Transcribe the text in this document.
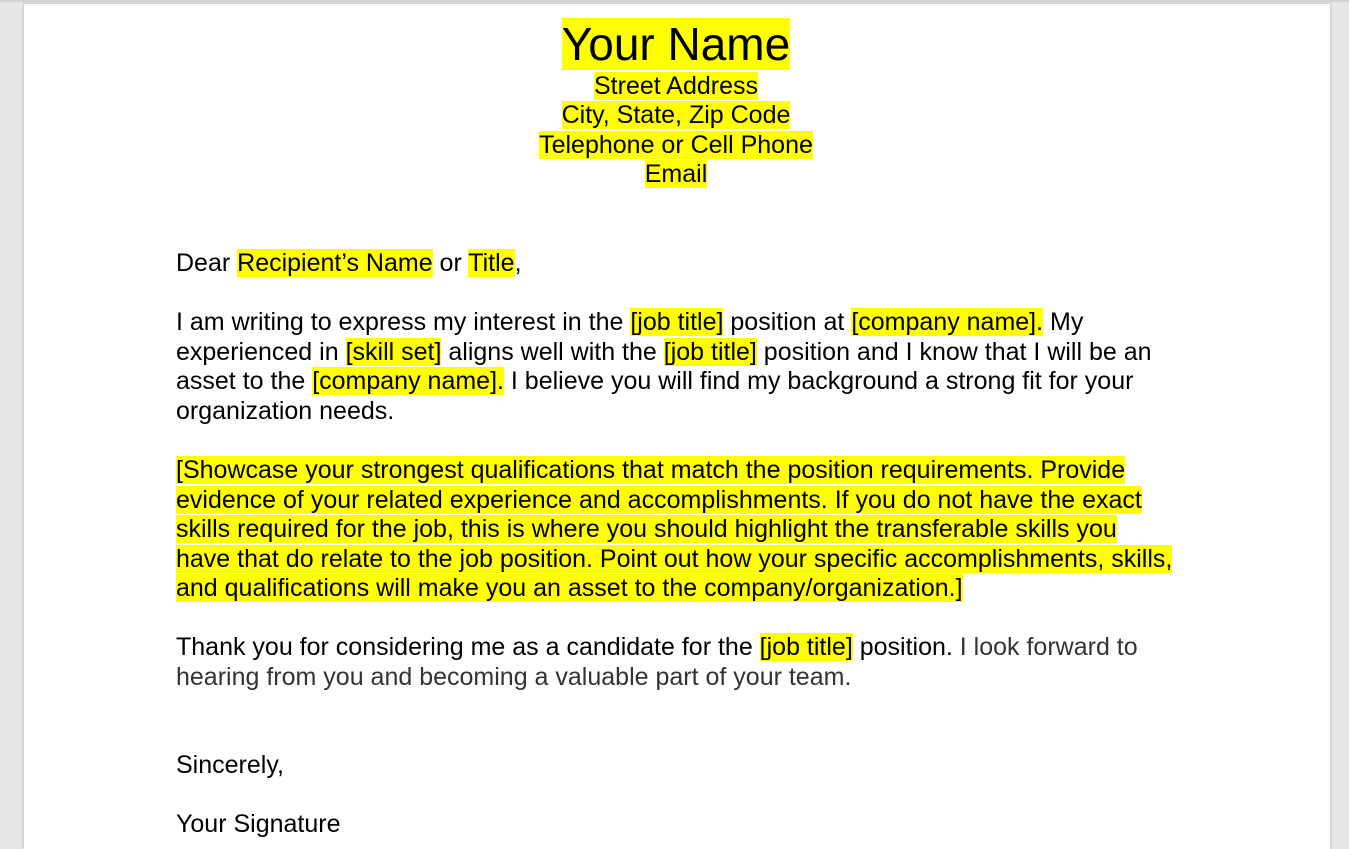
Your Name
Street Address
City, State, Zip Code
Telephone or Cell Phone
Email

Dear Recipient’s Name or Title,

I am writing to express my interest in the [job title] position at [company name]. My experienced in [skill set] aligns well with the [job title] position and I know that I will be an asset to the [company name]. I believe you will find my background a strong fit for your organization needs.

[Showcase your strongest qualifications that match the position requirements. Provide evidence of your related experience and accomplishments. If you do not have the exact skills required for the job, this is where you should highlight the transferable skills you have that do relate to the job position. Point out how your specific accomplishments, skills, and qualifications will make you an asset to the company/organization.]

Thank you for considering me as a candidate for the [job title] position. I look forward to hearing from you and becoming a valuable part of your team.

Sincerely,

Your Signature
